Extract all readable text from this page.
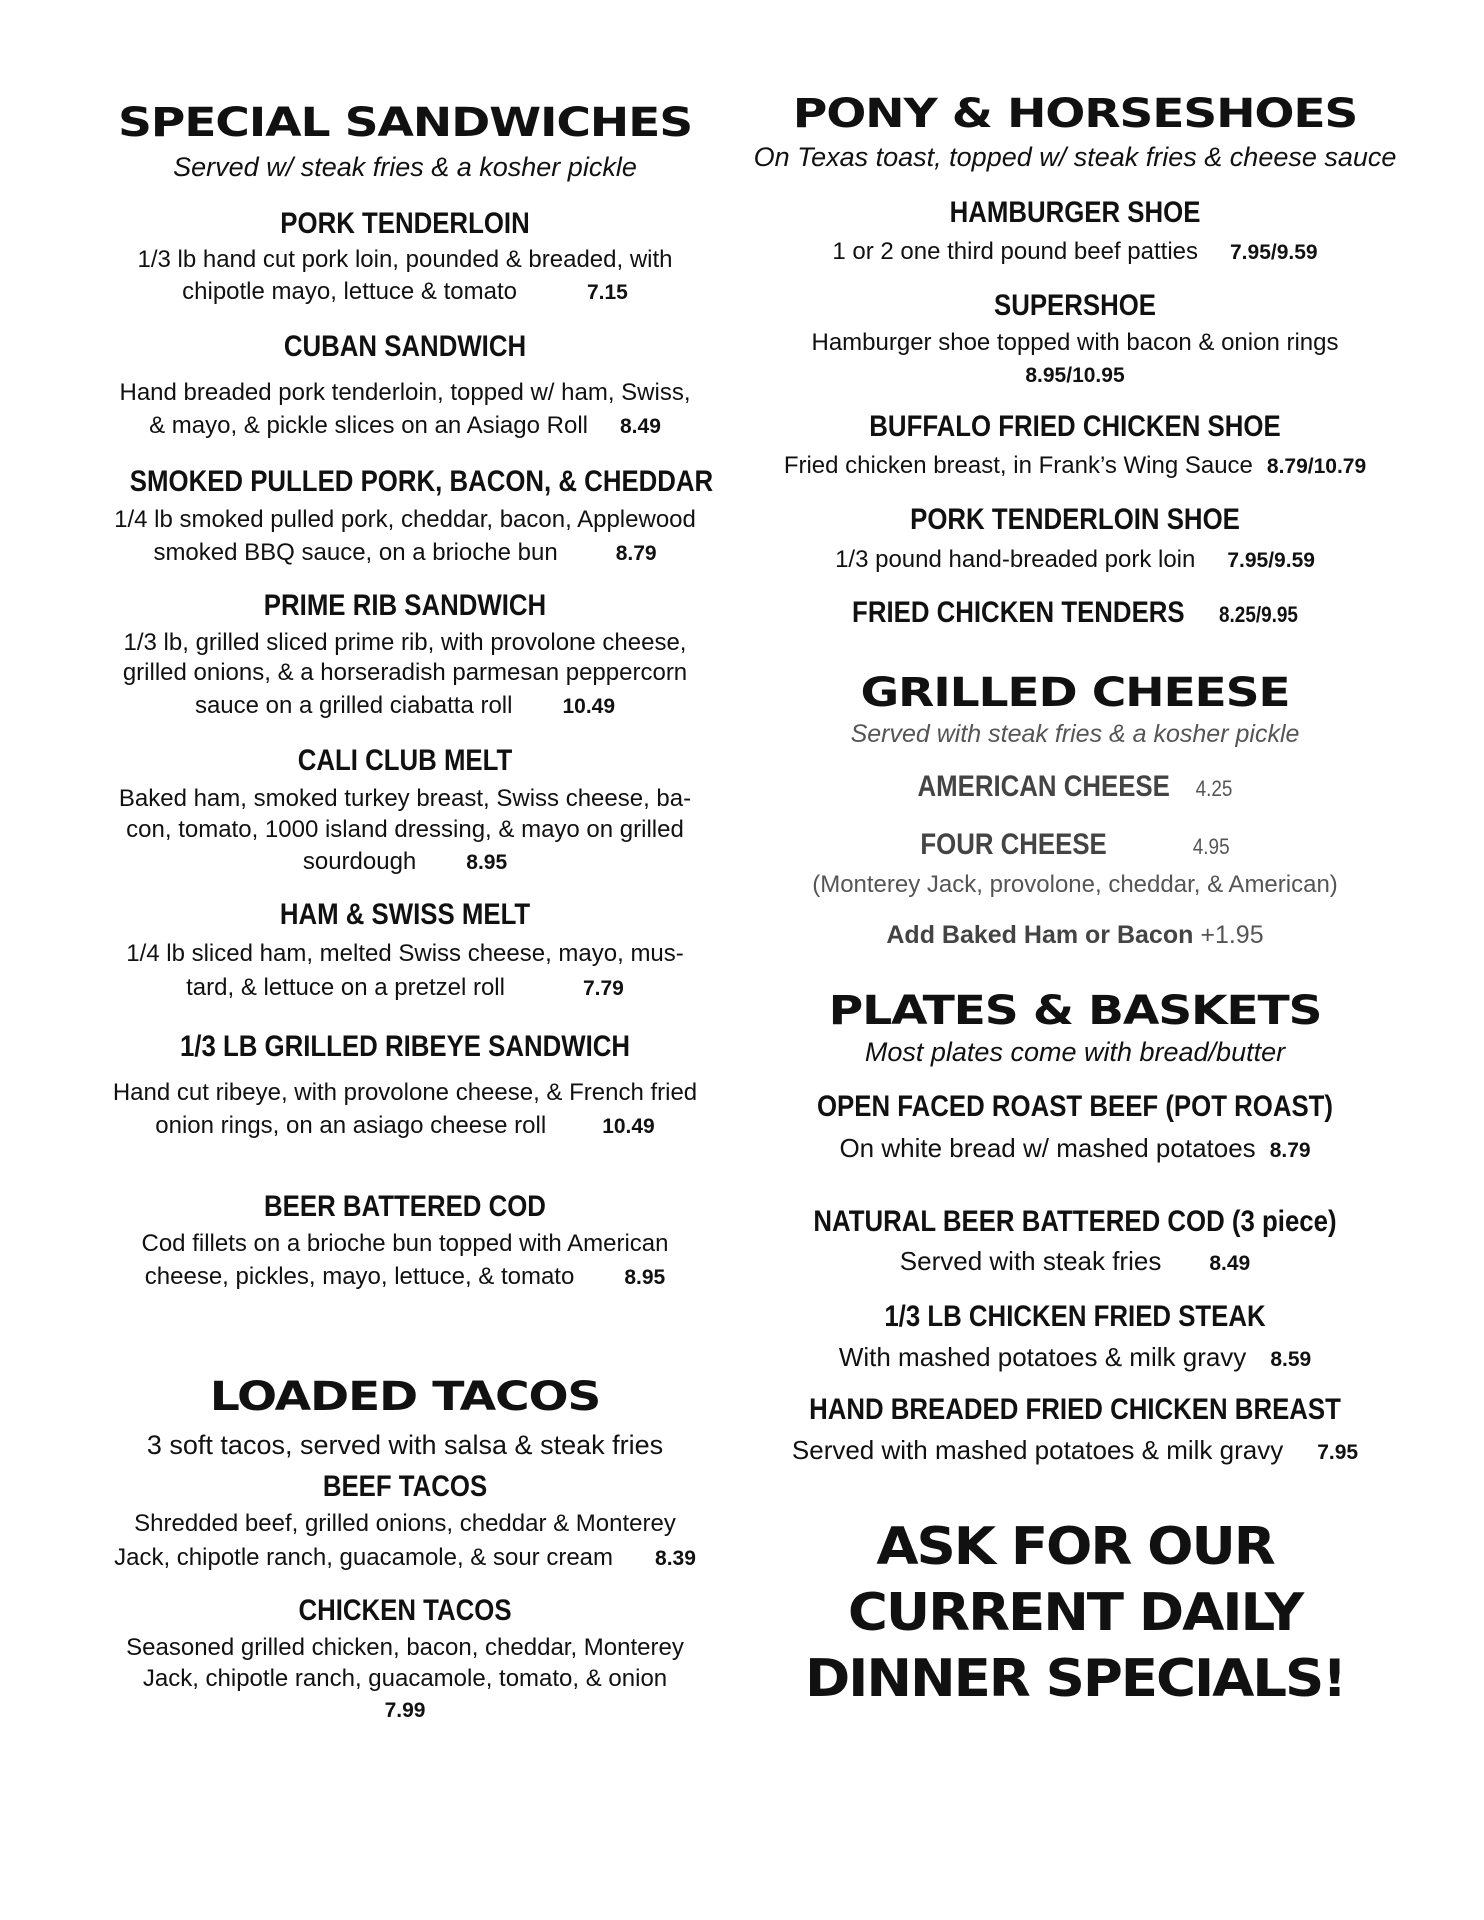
SPECIAL SANDWICHES
Served w/ steak fries & a kosher pickle
PORK TENDERLOIN
1/3 lb hand cut pork loin, pounded & breaded, with
chipotle mayo, lettuce & tomato	7.15
CUBAN SANDWICH
Hand breaded pork tenderloin, topped w/ ham, Swiss,
& mayo, & pickle slices on an Asiago Roll 8.49
SMOKED PULLED PORK, BACON, & CHEDDAR
1/4 lb smoked pulled pork, cheddar, bacon, Applewood
smoked BBQ sauce, on a brioche bun	8.79
PRIME RIB SANDWICH
1/3 lb, grilled sliced prime rib, with provolone cheese,
grilled onions, & a horseradish parmesan peppercorn
sauce on a grilled ciabatta roll 10.49
CALI CLUB MELT
Baked ham, smoked turkey breast, Swiss cheese, ba-
con, tomato, 1000 island dressing, & mayo on grilled
sourdough 8.95
HAM & SWISS MELT
1/4 lb sliced ham, melted Swiss cheese, mayo, mus-
tard, & lettuce on a pretzel roll	7.79
1/3 LB GRILLED RIBEYE SANDWICH
Hand cut ribeye, with provolone cheese, & French fried
onion rings, on an asiago cheese roll	10.49
BEER BATTERED COD
Cod fillets on a brioche bun topped with American
cheese, pickles, mayo, lettuce, & tomato 8.95
LOADED TACOS
3 soft tacos, served with salsa & steak fries
BEEF TACOS
Shredded beef, grilled onions, cheddar & Monterey
Jack, chipotle ranch, guacamole, & sour cream 8.39
CHICKEN TACOS
Seasoned grilled chicken, bacon, cheddar, Monterey
Jack, chipotle ranch, guacamole, tomato, & onion
7.99
PONY & HORSESHOES
On Texas toast, topped w/ steak fries & cheese sauce
HAMBURGER SHOE
1 or 2 one third pound beef patties 7.95/9.59
SUPERSHOE
Hamburger shoe topped with bacon & onion rings
8.95/10.95
BUFFALO FRIED CHICKEN SHOE
Fried chicken breast, in Frank’s Wing Sauce 8.79/10.79
PORK TENDERLOIN SHOE
1/3 pound hand-breaded pork loin 7.95/9.59
FRIED CHICKEN TENDERS 8.25/9.95
GRILLED CHEESE
Served with steak fries & a kosher pickle
AMERICAN CHEESE 4.25
FOUR CHEESE	4.95
(Monterey Jack, provolone, cheddar, & American)
Add Baked Ham or Bacon +1.95
PLATES & BASKETS
Most plates come with bread/butter
OPEN FACED ROAST BEEF (POT ROAST)
On white bread w/ mashed potatoes 8.79
NATURAL BEER BATTERED COD (3 piece)
Served with steak fries 8.49
1/3 LB CHICKEN FRIED STEAK
With mashed potatoes & milk gravy 8.59
HAND BREADED FRIED CHICKEN BREAST
Served with mashed potatoes & milk gravy 7.95
ASK FOR OUR
CURRENT DAILY
DINNER SPECIALS!
